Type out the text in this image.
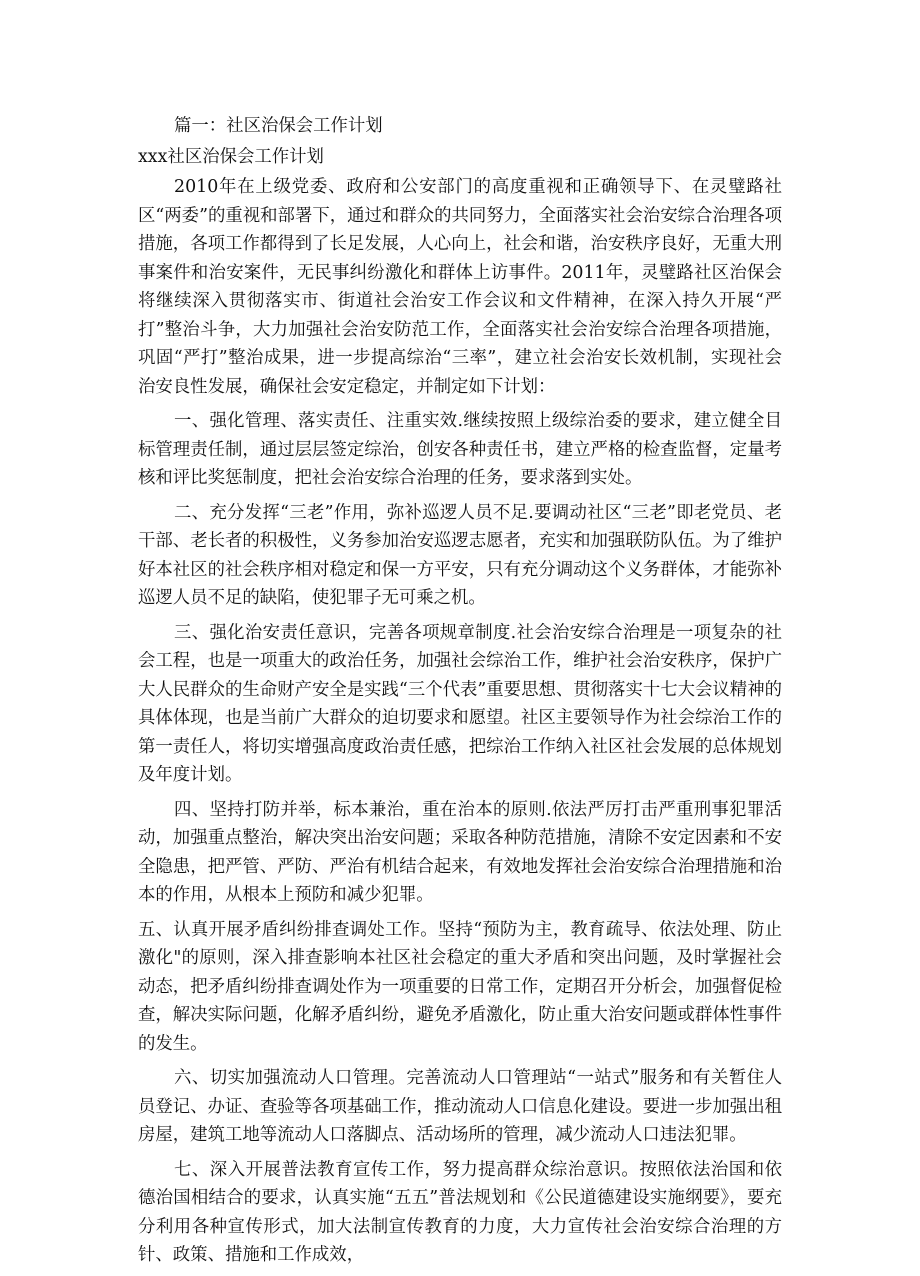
篇一：社区治保会工作计划

xxx社区治保会工作计划

2010年在上级党委、政府和公安部门的高度重视和正确领导下、在灵璧路社区“两委”的重视和部署下，通过和群众的共同努力，全面落实社会治安综合治理各项措施，各项工作都得到了长足发展，人心向上，社会和谐，治安秩序良好，无重大刑事案件和治安案件，无民事纠纷激化和群体上访事件。2011年，灵璧路社区治保会将继续深入贯彻落实市、街道社会治安工作会议和文件精神，在深入持久开展“严打”整治斗争，大力加强社会治安防范工作，全面落实社会治安综合治理各项措施，巩固“严打”整治成果，进一步提高综治“三率”，建立社会治安长效机制，实现社会治安良性发展，确保社会安定稳定，并制定如下计划：

一、强化管理、落实责任、注重实效.继续按照上级综治委的要求，建立健全目标管理责任制，通过层层签定综治，创安各种责任书，建立严格的检查监督，定量考核和评比奖惩制度，把社会治安综合治理的任务，要求落到实处。

二、充分发挥“三老”作用，弥补巡逻人员不足.要调动社区“三老”即老党员、老干部、老长者的积极性，义务参加治安巡逻志愿者，充实和加强联防队伍。为了维护好本社区的社会秩序相对稳定和保一方平安，只有充分调动这个义务群体，才能弥补巡逻人员不足的缺陷，使犯罪子无可乘之机。

三、强化治安责任意识，完善各项规章制度.社会治安综合治理是一项复杂的社会工程，也是一项重大的政治任务，加强社会综治工作，维护社会治安秩序，保护广大人民群众的生命财产安全是实践“三个代表”重要思想、贯彻落实十七大会议精神的具体体现，也是当前广大群众的迫切要求和愿望。社区主要领导作为社会综治工作的第一责任人，将切实增强高度政治责任感，把综治工作纳入社区社会发展的总体规划及年度计划。

四、坚持打防并举，标本兼治，重在治本的原则.依法严厉打击严重刑事犯罪活动，加强重点整治，解决突出治安问题；采取各种防范措施，清除不安定因素和不安全隐患，把严管、严防、严治有机结合起来，有效地发挥社会治安综合治理措施和治本的作用，从根本上预防和减少犯罪。

五、认真开展矛盾纠纷排查调处工作。坚持“预防为主，教育疏导、依法处理、防止激化"的原则，深入排查影响本社区社会稳定的重大矛盾和突出问题，及时掌握社会动态，把矛盾纠纷排查调处作为一项重要的日常工作，定期召开分析会，加强督促检查，解决实际问题，化解矛盾纠纷，避免矛盾激化，防止重大治安问题或群体性事件的发生。

六、切实加强流动人口管理。完善流动人口管理站“一站式”服务和有关暂住人员登记、办证、查验等各项基础工作，推动流动人口信息化建设。要进一步加强出租房屋，建筑工地等流动人口落脚点、活动场所的管理，减少流动人口违法犯罪。

七、深入开展普法教育宣传工作，努力提高群众综治意识。按照依法治国和依德治国相结合的要求，认真实施“五五”普法规划和《公民道德建设实施纲要》，要充分利用各种宣传形式，加大法制宣传教育的力度，大力宣传社会治安综合治理的方针、政策、措施和工作成效，
